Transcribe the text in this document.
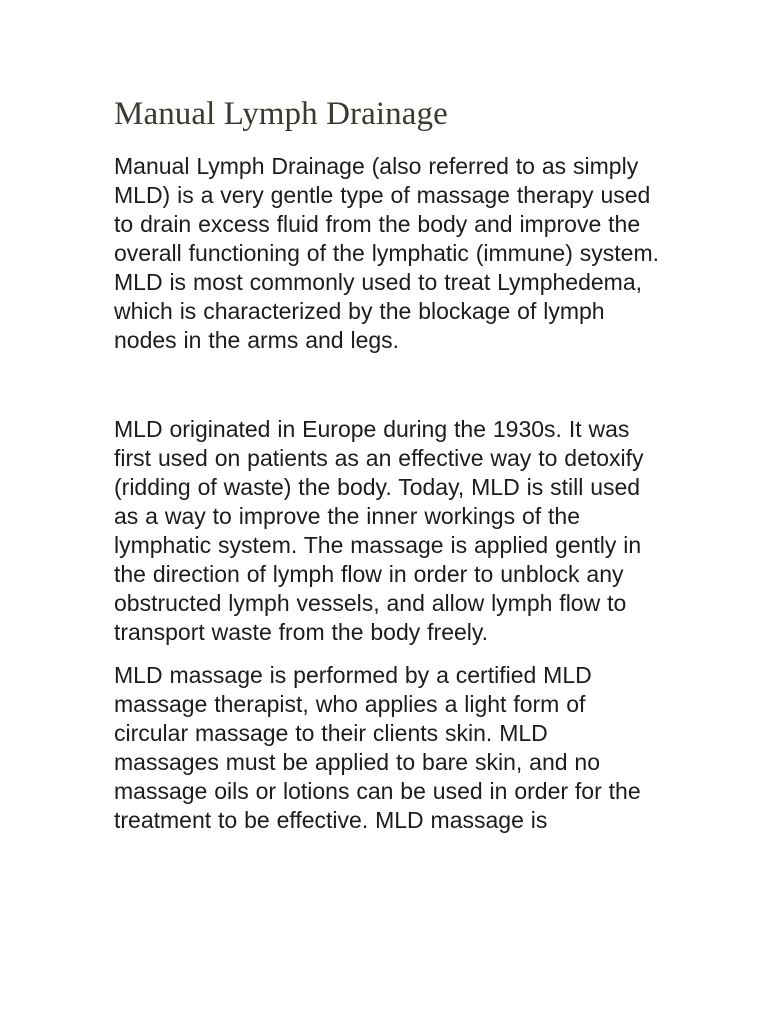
Manual Lymph Drainage

Manual Lymph Drainage (also referred to as simply MLD) is a very gentle type of massage therapy used to drain excess fluid from the body and improve the overall functioning of the lymphatic (immune) system. MLD is most commonly used to treat Lymphedema, which is characterized by the blockage of lymph nodes in the arms and legs.

MLD originated in Europe during the 1930s. It was first used on patients as an effective way to detoxify (ridding of waste) the body. Today, MLD is still used as a way to improve the inner workings of the lymphatic system. The massage is applied gently in the direction of lymph flow in order to unblock any obstructed lymph vessels, and allow lymph flow to transport waste from the body freely.

MLD massage is performed by a certified MLD massage therapist, who applies a light form of circular massage to their clients skin. MLD massages must be applied to bare skin, and no massage oils or lotions can be used in order for the treatment to be effective. MLD massage is
